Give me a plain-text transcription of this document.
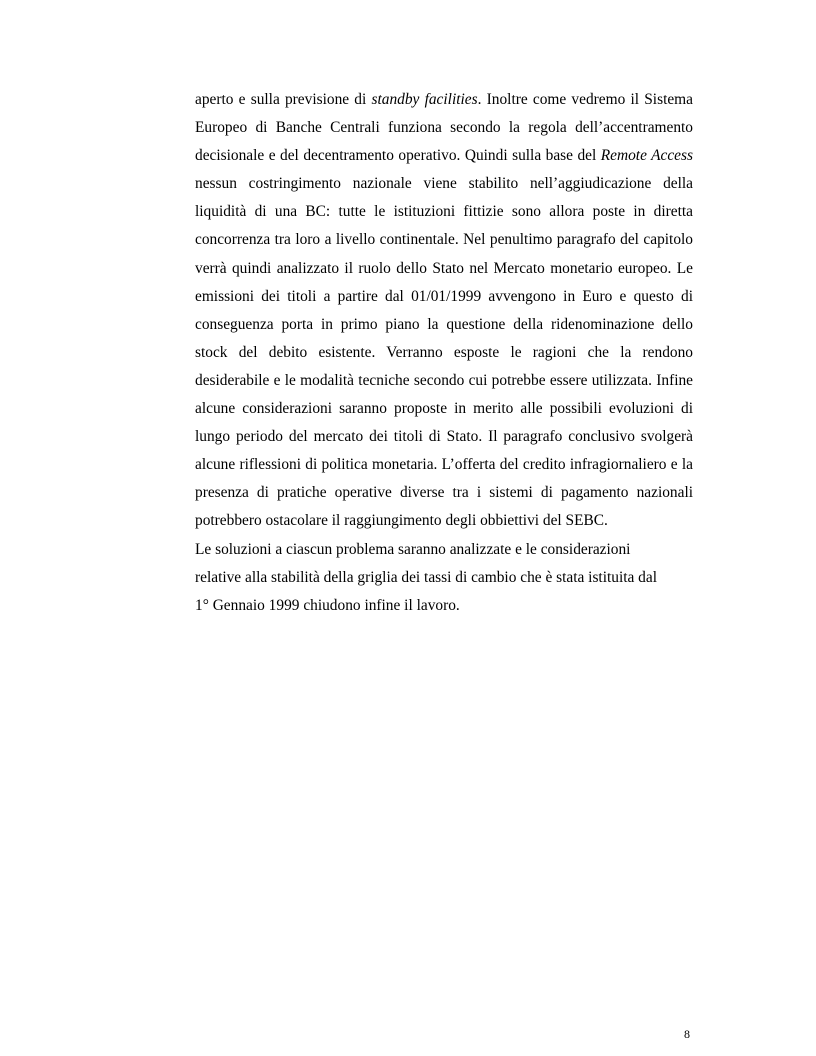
aperto e sulla previsione di standby facilities. Inoltre come vedremo il Sistema Europeo di Banche Centrali funziona secondo la regola dell’accentramento decisionale e del decentramento operativo. Quindi sulla base del Remote Access nessun costringimento nazionale viene stabilito nell’aggiudicazione della liquidità di una BC: tutte le istituzioni fittizie sono allora poste in diretta concorrenza tra loro a livello continentale. Nel penultimo paragrafo del capitolo verrà quindi analizzato il ruolo dello Stato nel Mercato monetario europeo. Le emissioni dei titoli a partire dal 01/01/1999 avvengono in Euro e questo di conseguenza porta in primo piano la questione della ridenominazione dello stock del debito esistente. Verranno esposte le ragioni che la rendono desiderabile e le modalità tecniche secondo cui potrebbe essere utilizzata. Infine alcune considerazioni saranno proposte in merito alle possibili evoluzioni di lungo periodo del mercato dei titoli di Stato. Il paragrafo conclusivo svolgerà alcune riflessioni di politica monetaria. L’offerta del credito infragiornaliero e la presenza di pratiche operative diverse tra i sistemi di pagamento nazionali potrebbero ostacolare il raggiungimento degli obbiettivi del SEBC.

Le soluzioni a ciascun problema saranno analizzate e le considerazioni
relative alla stabilità della griglia dei tassi di cambio che è stata istituita dal
1° Gennaio 1999 chiudono infine il lavoro.

8
